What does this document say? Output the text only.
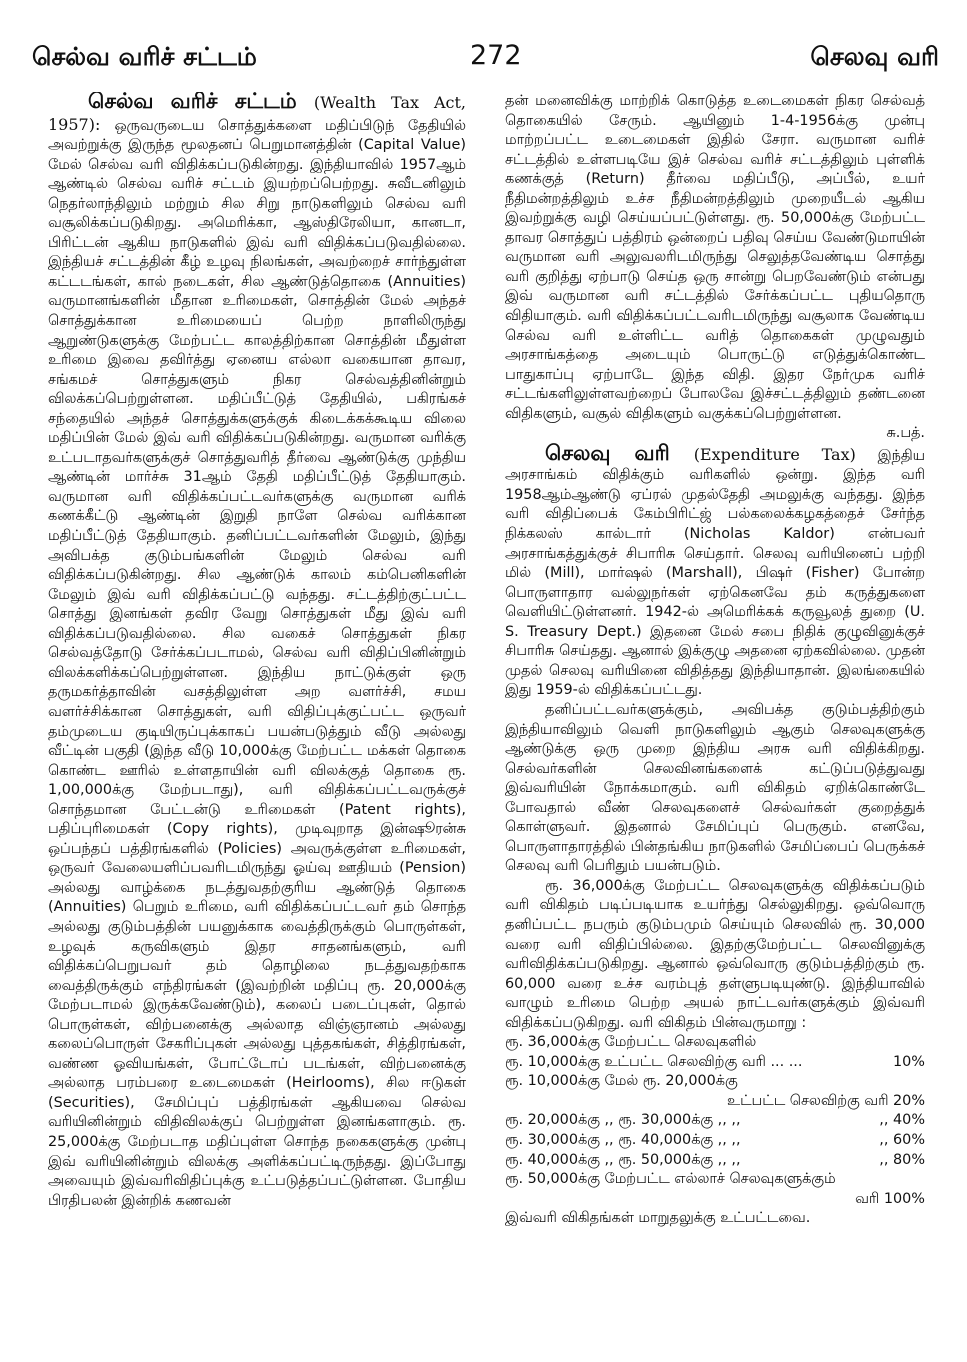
செல்வ வரிச் சட்டம்	272	செலவு வரி

செல்வ வரிச் சட்டம் (Wealth Tax Act, 1957): ஒருவருடைய சொத்துக்களை மதிப்பிடுந் தேதியில் அவற்றுக்கு இருந்த மூலதனப் பெறுமானத்தின் (Capital Value) மேல் செல்வ வரி விதிக்கப்படுகின்றது. இந்தியாவில் 1957ஆம் ஆண்டில் செல்வ வரிச் சட்டம் இயற்றப்பெற்றது. சுவீடனிலும் நெதர்லாந்திலும் மற்றும் சில சிறு நாடுகளிலும் செல்வ வரி வசூலிக்கப்படுகிறது. அமெரிக்கா, ஆஸ்திரேலியா, கானடா, பிரிட்டன் ஆகிய நாடுகளில் இவ் வரி விதிக்கப்படுவதில்லை. இந்தியச் சட்டத்தின் கீழ் உழவு நிலங்கள், அவற்றைச் சார்ந்துள்ள கட்டடங்கள், கால் நடைகள், சில ஆண்டுத்தொகை (Annuities) வருமானங்களின் மீதான உரிமைகள், சொத்தின் மேல் அந்தச் சொத்துக்கான உரிமையைப் பெற்ற நாளிலிருந்து ஆறுண்டுகளுக்கு மேற்பட்ட காலத்திற்கான சொத்தின் மீதுள்ள உரிமை இவை தவிர்த்து ஏனைய எல்லா வகையான தாவர, சங்கமச் சொத்துகளும் நிகர செல்வத்தினின்றும் விலக்கப்பெற்றுள்ளன. மதிப்பீட்டுத் தேதியில், பகிரங்கச் சந்தையில் அந்தச் சொத்துக்களுக்குக் கிடைக்கக்கூடிய விலை மதிப்பின் மேல் இவ் வரி விதிக்கப்படுகின்றது. வருமான வரிக்கு உட்படாதவர்களுக்குச் சொத்துவரித் தீர்வை ஆண்டுக்கு முந்திய ஆண்டின் மார்ச்சு 31ஆம் தேதி மதிப்பீட்டுத் தேதியாகும். வருமான வரி விதிக்கப்பட்டவர்களுக்கு வருமான வரிக் கணக்கீட்டு ஆண்டின் இறுதி நாளே செல்வ வரிக்கான மதிப்பீட்டுத் தேதியாகும். தனிப்பட்டவர்களின் மேலும், இந்து அவிபக்த குடும்பங்களின் மேலும் செல்வ வரி விதிக்கப்படுகின்றது. சில ஆண்டுக் காலம் கம்பெனிகளின் மேலும் இவ் வரி விதிக்கப்பட்டு வந்தது. சட்டத்திற்குட்பட்ட சொத்து இனங்கள் தவிர வேறு சொத்துகள் மீது இவ் வரி விதிக்கப்படுவதில்லை. சில வகைச் சொத்துகள் நிகர செல்வத்தோடு சேர்க்கப்படாமல், செல்வ வரி விதிப்பினின்றும் விலக்களிக்கப்பெற்றுள்ளன. இந்திய நாட்டுக்குள் ஒரு தருமகர்த்தாவின் வசத்திலுள்ள அற வளர்ச்சி, சமய வளர்ச்சிக்கான சொத்துகள், வரி விதிப்புக்குட்பட்ட ஒருவர் தம்முடைய குடியிருப்புக்காகப் பயன்படுத்தும் வீடு அல்லது வீட்டின் பகுதி (இந்த வீடு 10,000க்கு மேற்பட்ட மக்கள் தொகை கொண்ட ஊரில் உள்ளதாயின் வரி விலக்குத் தொகை ரூ. 1,00,000க்கு மேற்படாது), வரி விதிக்கப்பட்டவருக்குச் சொந்தமான பேட்டன்டு உரிமைகள் (Patent rights), பதிப்புரிமைகள் (Copy rights), முடிவுறாத இன்ஷூரன்சு ஒப்பந்தப் பத்திரங்களில் (Policies) அவருக்குள்ள உரிமைகள், ஒருவர் வேலையளிப்பவரிடமிருந்து ஓய்வு ஊதியம் (Pension) அல்லது வாழ்க்கை நடத்துவதற்குரிய ஆண்டுத் தொகை (Annuities) பெறும் உரிமை, வரி விதிக்கப்பட்டவர் தம் சொந்த அல்லது குடும்பத்தின் பயனுக்காக வைத்திருக்கும் பொருள்கள், உழவுக் கருவிகளும் இதர சாதனங்களும், வரி விதிக்கப்பெறுபவர் தம் தொழிலை நடத்துவதற்காக வைத்திருக்கும் எந்திரங்கள் (இவற்றின் மதிப்பு ரூ. 20,000க்கு மேற்படாமல் இருக்கவேண்டும்), கலைப் படைப்புகள், தொல் பொருள்கள், விற்பனைக்கு அல்லாத விஞ்ஞானம் அல்லது கலைப்பொருள் சேகரிப்புகள் அல்லது புத்தகங்கள், சித்திரங்கள், வண்ண ஓவியங்கள், போட்டோப் படங்கள், விற்பனைக்கு அல்லாத பரம்பரை உடைமைகள் (Heirlooms), சில ஈடுகள் (Securities), சேமிப்புப் பத்திரங்கள் ஆகியவை செல்வ வரியினின்றும் விதிவிலக்குப் பெற்றுள்ள இனங்களாகும். ரூ. 25,000க்கு மேற்படாத மதிப்புள்ள சொந்த நகைகளுக்கு முன்பு இவ் வரியினின்றும் விலக்கு அளிக்கப்பட்டிருந்தது. இப்போது அவையும் இவ்வரிவிதிப்புக்கு உட்படுத்தப்பட்டுள்ளன. போதிய பிரதிபலன் இன்றிக் கணவன்

தன் மனைவிக்கு மாற்றிக் கொடுத்த உடைமைகள் நிகர செல்வத் தொகையில் சேரும். ஆயினும் 1-4-1956க்கு முன்பு மாற்றப்பட்ட உடைமைகள் இதில் சேரா. வருமான வரிச் சட்டத்தில் உள்ளபடியே இச் செல்வ வரிச் சட்டத்திலும் புள்ளிக் கணக்குத் (Return) தீர்வை மதிப்பீடு, அப்பீல், உயர் நீதிமன்றத்திலும் உச்ச நீதிமன்றத்திலும் முறையீடல் ஆகிய இவற்றுக்கு வழி செய்யப்பட்டுள்ளது. ரூ. 50,000க்கு மேற்பட்ட தாவர சொத்துப் பத்திரம் ஒன்றைப் பதிவு செய்ய வேண்டுமாயின் வருமான வரி அலுவலரிடமிருந்து செலுத்தவேண்டிய சொத்து வரி குறித்து ஏற்பாடு செய்த ஒரு சான்று பெறவேண்டும் என்பது இவ் வருமான வரி சட்டத்தில் சேர்க்கப்பட்ட புதியதொரு விதியாகும். வரி விதிக்கப்பட்டவரிடமிருந்து வசூலாக வேண்டிய செல்வ வரி உள்ளிட்ட வரித் தொகைகள் முழுவதும் அரசாங்கத்தை அடையும் பொருட்டு எடுத்துக்கொண்ட பாதுகாப்பு ஏற்பாடே இந்த விதி. இதர நேர்முக வரிச் சட்டங்களிலுள்ளவற்றைப் போலவே இச்சட்டத்திலும் தண்டனை விதிகளும், வசூல் விதிகளும் வகுக்கப்பெற்றுள்ளன.

சு.பத்.

செலவு வரி (Expenditure Tax) இந்திய அரசாங்கம் விதிக்கும் வரிகளில் ஒன்று. இந்த வரி 1958ஆம்ஆண்டு ஏப்ரல் முதல்தேதி அமலுக்கு வந்தது. இந்த வரி விதிப்பைக் கேம்பிரிட்ஜ் பல்கலைக்கழகத்தைச் சேர்ந்த நிக்கலஸ் கால்டார் (Nicholas Kaldor) என்பவர் அரசாங்கத்துக்குச் சிபாரிசு செய்தார். செலவு வரியினைப் பற்றி மில் (Mill), மார்ஷல் (Marshall), பிஷர் (Fisher) போன்ற பொருளாதார வல்லுநர்கள் ஏற்கெனவே தம் கருத்துகளை வெளியிட்டுள்ளனர். 1942-ல் அமெரிக்கக் கருவூலத் துறை (U. S. Treasury Dept.) இதனை மேல் சபை நிதிக் குழுவினுக்குச் சிபாரிசு செய்தது. ஆனால் இக்குழு அதனை ஏற்கவில்லை. முதன் முதல் செலவு வரியினை விதித்தது இந்தியாதான். இலங்கையில் இது 1959-ல் விதிக்கப்பட்டது.

தனிப்பட்டவர்களுக்கும், அவிபக்த குடும்பத்திற்கும் இந்தியாவிலும் வெளி நாடுகளிலும் ஆகும் செலவுகளுக்கு ஆண்டுக்கு ஒரு முறை இந்திய அரசு வரி விதிக்கிறது. செல்வர்களின் செலவினங்களைக் கட்டுப்படுத்துவது இவ்வரியின் நோக்கமாகும். வரி விகிதம் ஏறிக்கொண்டே போவதால் வீண் செலவுகளைச் செல்வர்கள் குறைத்துக் கொள்ளுவர். இதனால் சேமிப்புப் பெருகும். எனவே, பொருளாதாரத்தில் பின்தங்கிய நாடுகளில் சேமிப்பைப் பெருக்கச் செலவு வரி பெரிதும் பயன்படும்.

ரூ. 36,000க்கு மேற்பட்ட செலவுகளுக்கு விதிக்கப்படும் வரி விகிதம் படிப்படியாக உயர்ந்து செல்லுகிறது. ஒவ்வொரு தனிப்பட்ட நபரும் குடும்பமும் செய்யும் செலவில் ரூ. 30,000 வரை வரி விதிப்பில்லை. இதற்குமேற்பட்ட செலவினுக்கு வரிவிதிக்கப்படுகிறது. ஆனால் ஒவ்வொரு குடும்பத்திற்கும் ரூ. 60,000 வரை உச்ச வரம்புத் தள்ளுபடியுண்டு. இந்தியாவில் வாழும் உரிமை பெற்ற அயல் நாட்டவர்களுக்கும் இவ்வரி விதிக்கப்படுகிறது. வரி விகிதம் பின்வருமாறு :

ரூ. 36,000க்கு மேற்பட்ட செலவுகளில்	
ரூ. 10,000க்கு உட்பட்ட செலவிற்கு வரி ... ...	10%
ரூ. 10,000க்கு மேல் ரூ. 20,000க்கு	
உட்பட்ட செலவிற்கு வரி 20%	
ரூ. 20,000க்கு ,, ரூ. 30,000க்கு ,, ,,	,, 40%
ரூ. 30,000க்கு ,, ரூ. 40,000க்கு ,, ,,	,, 60%
ரூ. 40,000க்கு ,, ரூ. 50,000க்கு ,, ,,	,, 80%
ரூ. 50,000க்கு மேற்பட்ட எல்லாச் செலவுகளுக்கும்	
வரி 100%	

இவ்வரி விகிதங்கள் மாறுதலுக்கு உட்பட்டவை.
